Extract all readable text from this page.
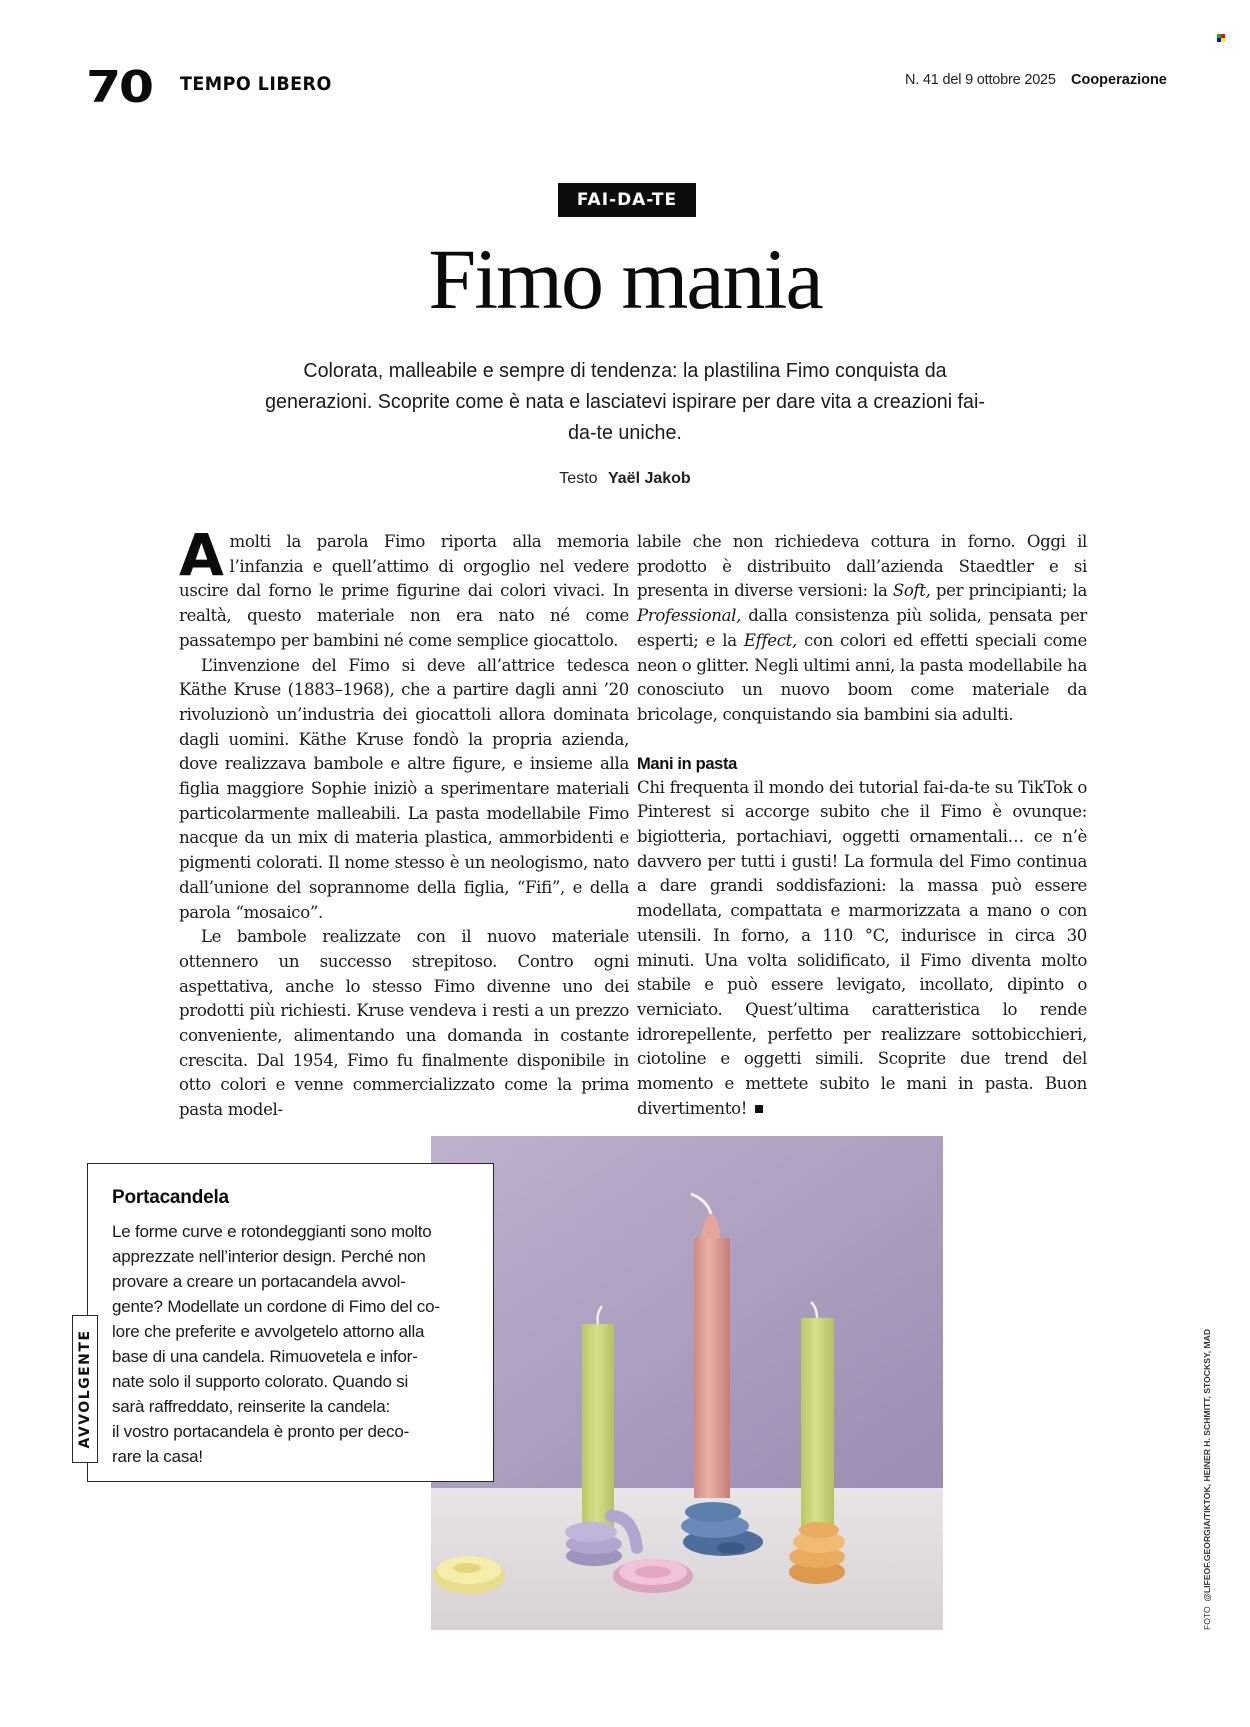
70 TEMPO LIBERO	N. 41 del 9 ottobre 2025 Cooperazione
FAI-DA-TE
Fimo mania
Colorata, malleabile e sempre di tendenza: la plastilina Fimo conquista da generazioni. Scoprite come è nata e lasciatevi ispirare per dare vita a creazioni fai-da-te uniche.
Testo Yaël Jakob

A molti la parola Fimo riporta alla memoria l’infanzia e quell’attimo di orgoglio nel vedere uscire dal forno le prime figurine dai colori vivaci. In realtà, questo materiale non era nato né come passatempo per bambini né come semplice giocattolo.

L’invenzione del Fimo si deve all’attrice tedesca Käthe Kruse (1883–1968), che a partire dagli anni ’20 rivoluzionò un’industria dei giocattoli allora dominata dagli uomini. Käthe Kruse fondò la propria azienda, dove realizzava bambole e altre figure, e insieme alla figlia maggiore Sophie iniziò a sperimentare materiali particolarmente malleabili. La pasta modellabile Fimo nacque da un mix di materia plastica, ammorbidenti e pigmenti colorati. Il nome stesso è un neologismo, nato dall’unione del soprannome della figlia, “Fifi”, e della parola “mosaico”.

Le bambole realizzate con il nuovo materiale ottennero un successo strepitoso. Contro ogni aspettativa, anche lo stesso Fimo divenne uno dei prodotti più richiesti. Kruse vendeva i resti a un prezzo conveniente, alimentando una domanda in costante crescita. Dal 1954, Fimo fu finalmente disponibile in otto colori e venne commercializzato come la prima pasta model-

labile che non richiedeva cottura in forno. Oggi il prodotto è distribuito dall’azienda Staedtler e si presenta in diverse versioni: la Soft, per principianti; la Professional, dalla consistenza più solida, pensata per esperti; e la Effect, con colori ed effetti speciali come neon o glitter. Negli ultimi anni, la pasta modellabile ha conosciuto un nuovo boom come materiale da bricolage, conquistando sia bambini sia adulti.

Mani in pasta

Chi frequenta il mondo dei tutorial fai-da-te su TikTok o Pinterest si accorge subito che il Fimo è ovunque: bigiotteria, portachiavi, oggetti ornamentali… ce n’è davvero per tutti i gusti! La formula del Fimo continua a dare grandi soddisfazioni: la massa può essere modellata, compattata e marmorizzata a mano o con utensili. In forno, a 110 °C, indurisce in circa 30 minuti. Una volta solidificato, il Fimo diventa molto stabile e può essere levigato, incollato, dipinto o verniciato. Quest’ultima caratteristica lo rende idrorepellente, perfetto per realizzare sottobicchieri, ciotoline e oggetti simili. Scoprite due trend del momento e mettete subito le mani in pasta. Buon divertimento!

Portacandela
Le forme curve e rotondeggianti sono molto
apprezzate nell’interior design. Perché non
provare a creare un portacandela avvol-
gente? Modellate un cordone di Fimo del co-
lore che preferite e avvolgetelo attorno alla
base di una candela. Rimuovetela e infor-
nate solo il supporto colorato. Quando si
sarà raffreddato, reinserite la candela:
il vostro portacandela è pronto per deco-
rare la casa!
AVVOLGENTE
FOTO  @LIFEOF.GEORGIA/TIKTOK, HEINER H. SCHMITT, STOCKSY, MAD
